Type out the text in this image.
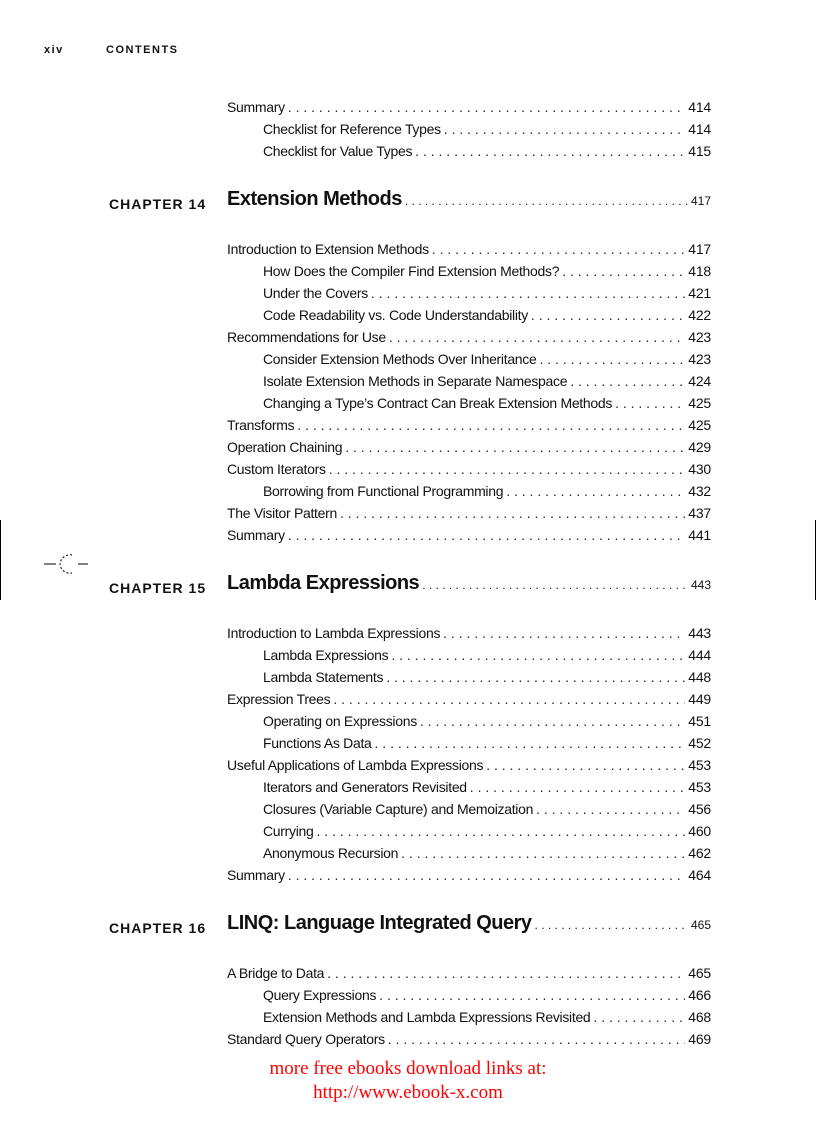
xiv	CONTENTS
Summary . . .	414
Checklist for Reference Types . . .	414
Checklist for Value Types . . .	415
CHAPTER 14 Extension Methods . . .	417
Introduction to Extension Methods . . .	417
How Does the Compiler Find Extension Methods? . . .	418
Under the Covers . . .	421
Code Readability vs. Code Understandability . . .	422
Recommendations for Use . . .	423
Consider Extension Methods Over Inheritance . . .	423
Isolate Extension Methods in Separate Namespace . . .	424
Changing a Type’s Contract Can Break Extension Methods . . .	425
Transforms . . .	425
Operation Chaining . . .	429
Custom Iterators . . .	430
Borrowing from Functional Programming . . .	432
The Visitor Pattern . . .	437
Summary . . .	441
CHAPTER 15 Lambda Expressions . . .	443
Introduction to Lambda Expressions . . .	443
Lambda Expressions . . .	444
Lambda Statements . . .	448
Expression Trees . . .	449
Operating on Expressions . . .	451
Functions As Data . . .	452
Useful Applications of Lambda Expressions . . .	453
Iterators and Generators Revisited . . .	453
Closures (Variable Capture) and Memoization . . .	456
Currying . . .	460
Anonymous Recursion . . .	462
Summary . . .	464
CHAPTER 16 LINQ: Language Integrated Query . . .	465
A Bridge to Data . . .	465
Query Expressions . . .	466
Extension Methods and Lambda Expressions Revisited . . .	468
Standard Query Operators . . .	469
more free ebooks download links at:
http://www.ebook-x.com
